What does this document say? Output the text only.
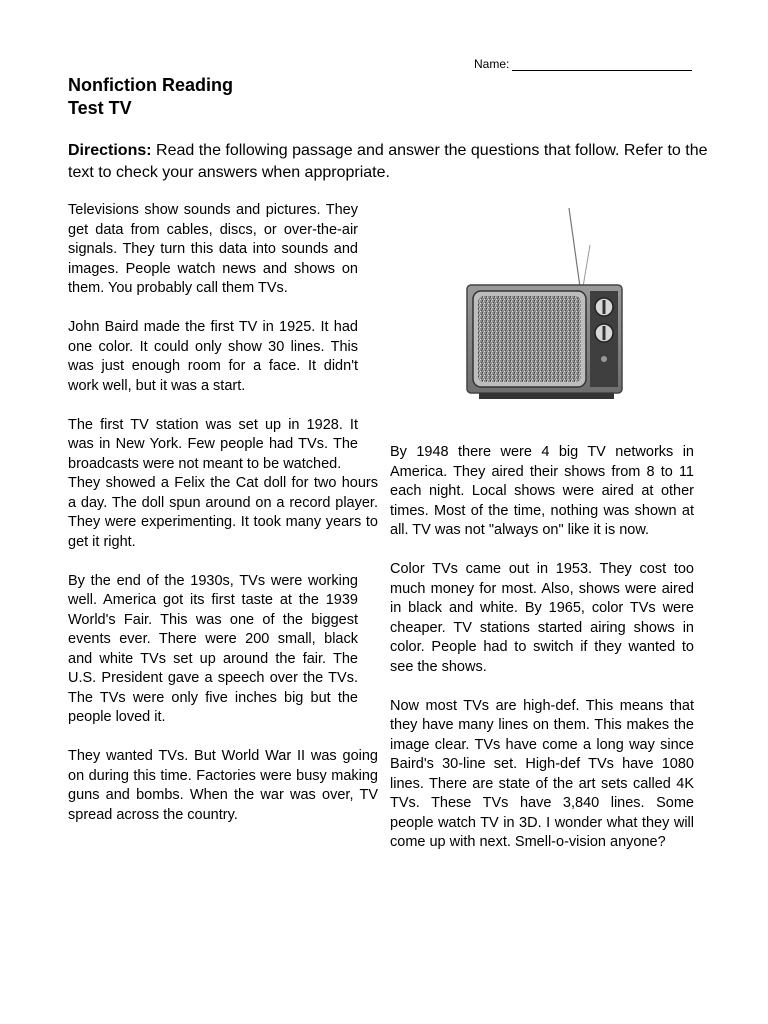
Name:
Nonfiction Reading
Test TV
Directions: Read the following passage and answer the questions that follow. Refer to the text to check your answers when appropriate.

Televisions show sounds and pictures. They get data from cables, discs, or over-the-air signals. They turn this data into sounds and images. People watch news and shows on them. You probably call them TVs.

John Baird made the first TV in 1925. It had one color. It could only show 30 lines. This was just enough room for a face. It didn't work well, but it was a start.

The first TV station was set up in 1928. It was in New York. Few people had TVs. The broadcasts were not meant to be watched.

They showed a Felix the Cat doll for two hours a day. The doll spun around on a record player. They were experimenting. It took many years to get it right.

By the end of the 1930s, TVs were working well. America got its first taste at the 1939 World's Fair. This was one of the biggest events ever. There were 200 small, black and white TVs set up around the fair. The U.S. President gave a speech over the TVs. The TVs were only five inches big but the people loved it.

They wanted TVs. But World War II was going on during this time. Factories were busy making guns and bombs. When the war was over, TV spread across the country.

By 1948 there were 4 big TV networks in America. They aired their shows from 8 to 11 each night. Local shows were aired at other times. Most of the time, nothing was shown at all. TV was not "always on" like it is now.

Color TVs came out in 1953. They cost too much money for most. Also, shows were aired in black and white. By 1965, color TVs were cheaper. TV stations started airing shows in color. People had to switch if they wanted to see the shows.

Now most TVs are high-def. This means that they have many lines on them. This makes the image clear. TVs have come a long way since Baird's 30-line set. High-def TVs have 1080 lines. There are state of the art sets called 4K TVs. These TVs have 3,840 lines. Some people watch TV in 3D. I wonder what they will come up with next. Smell-o-vision anyone?
